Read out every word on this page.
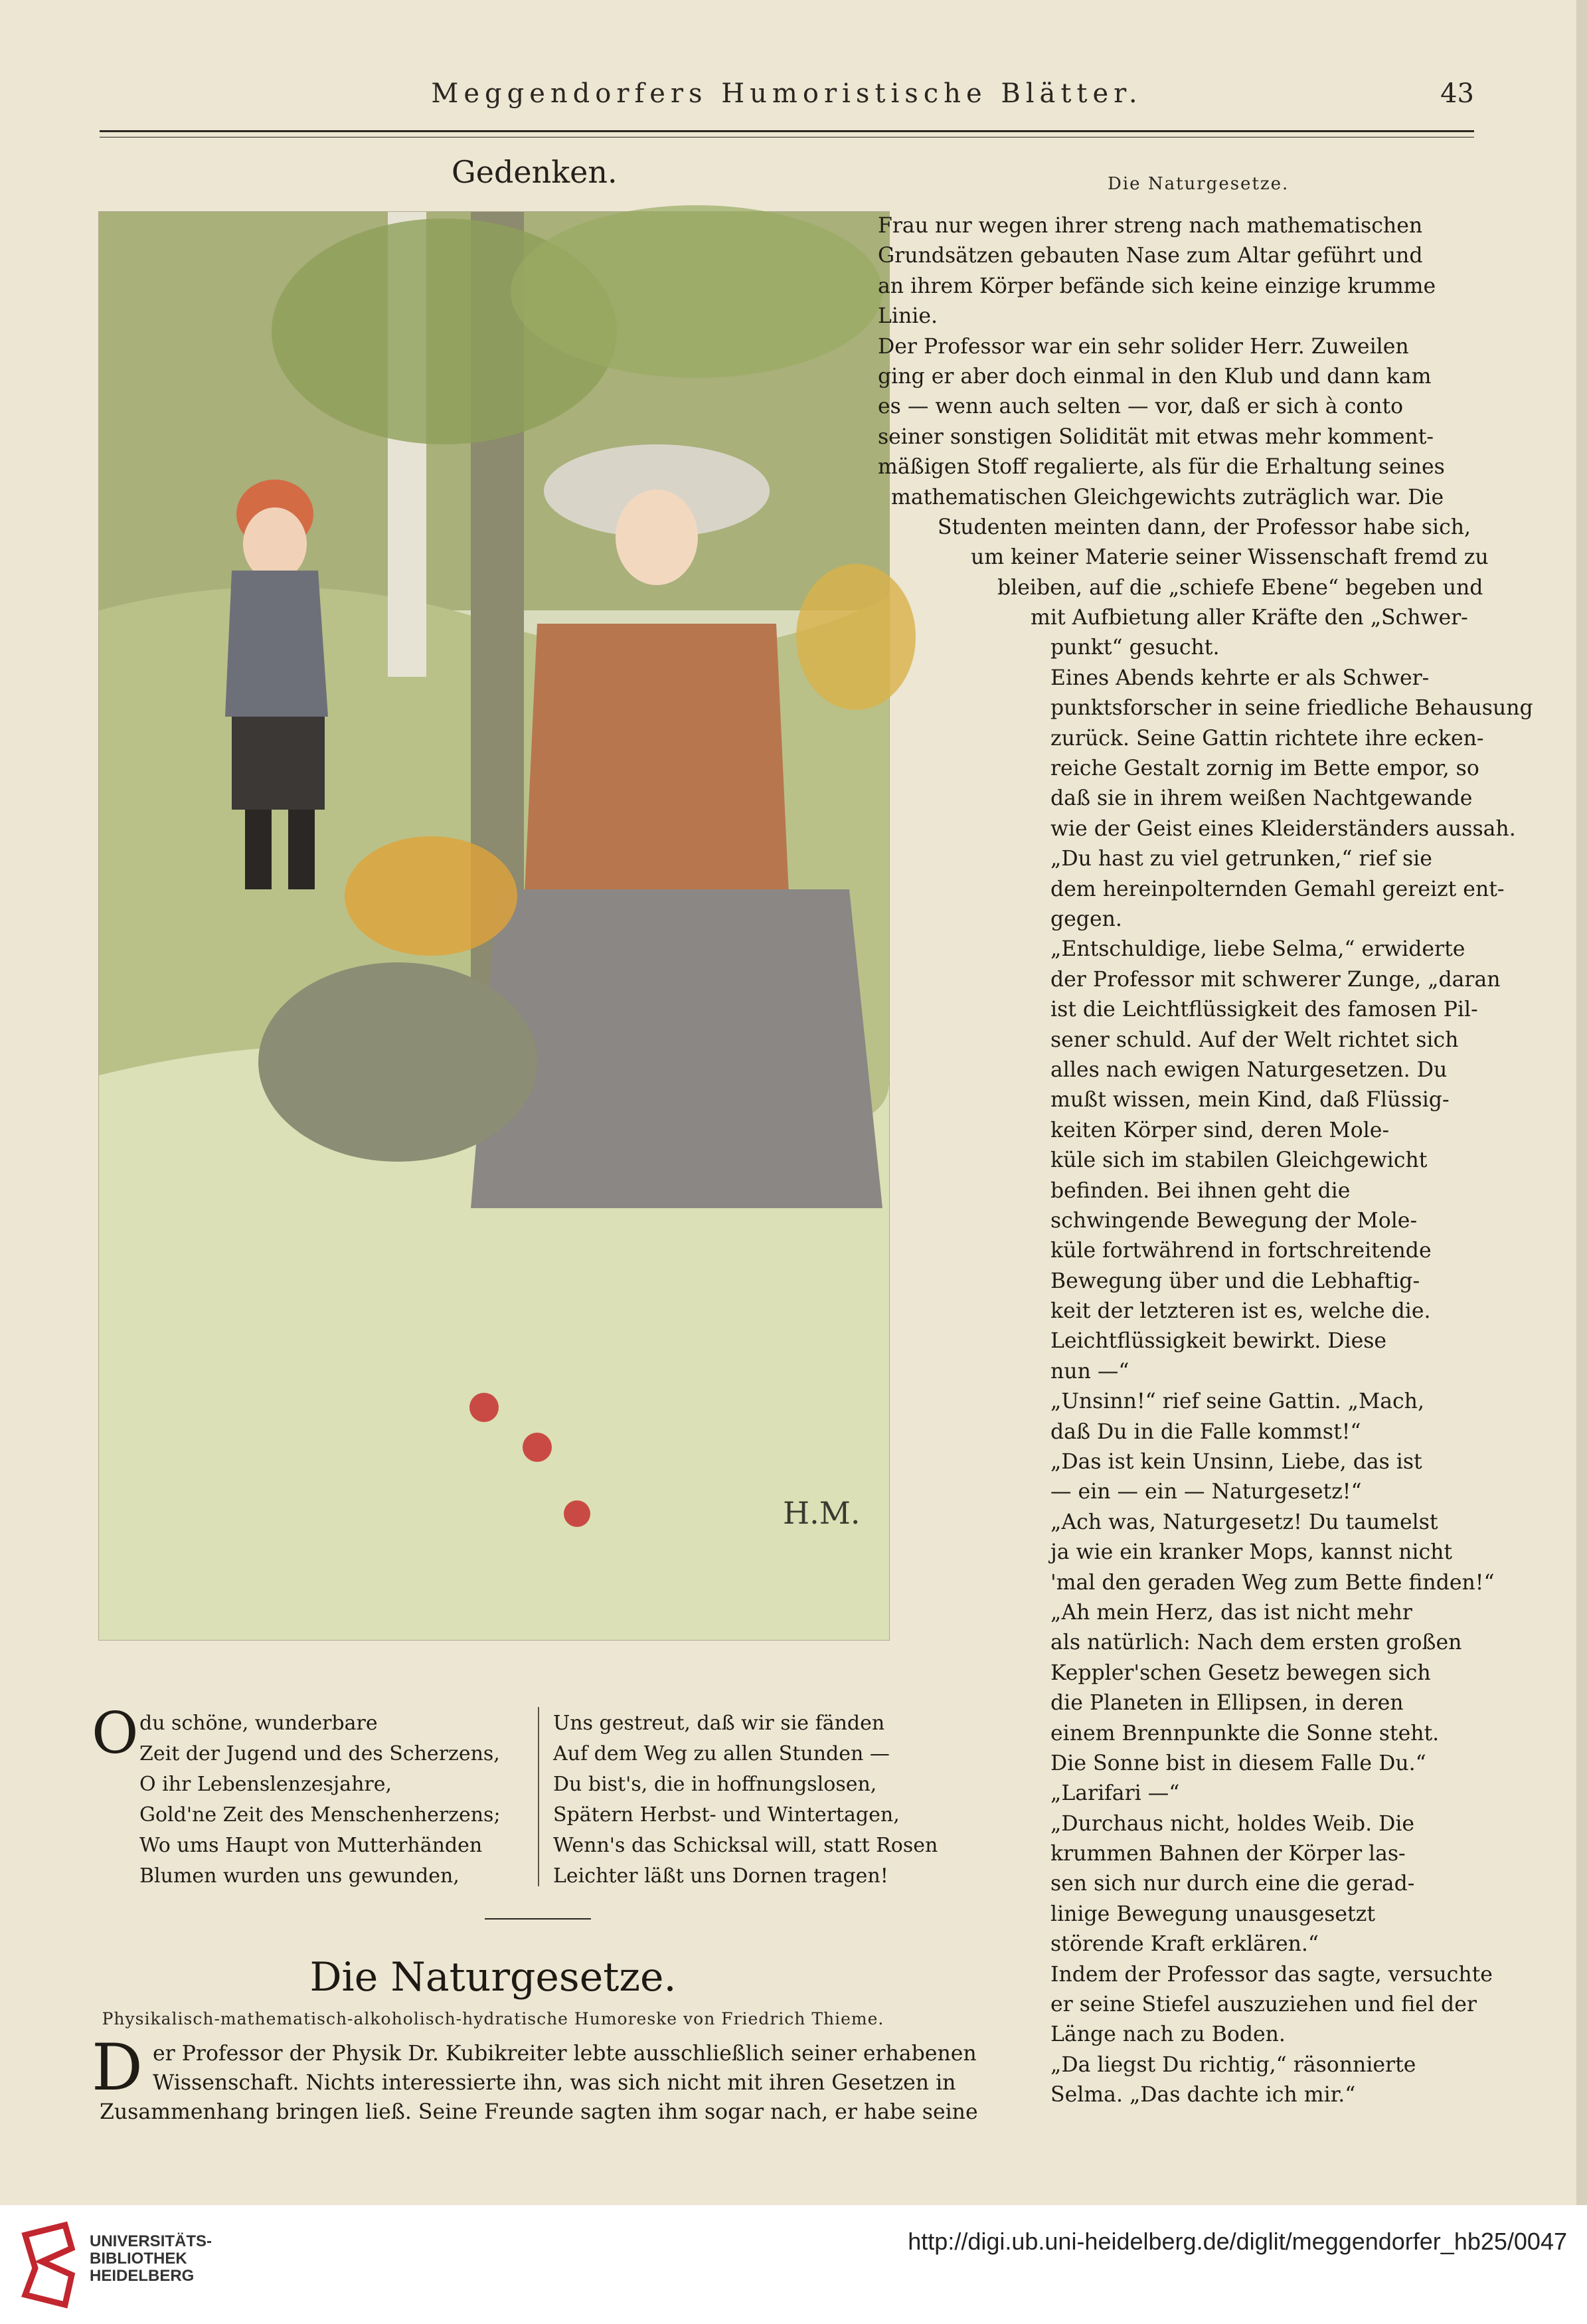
Meggendorfers Humoristische Blätter.	43
Gedenken.	Die Naturgesetze.
H.M.
Frau nur wegen ihrer streng nach mathematischen
Grundsätzen gebauten Nase zum Altar geführt und
an ihrem Körper befände sich keine einzige krumme
Linie.
Der Professor war ein sehr solider Herr. Zuweilen
ging er aber doch einmal in den Klub und dann kam
es — wenn auch selten — vor, daß er sich à conto
seiner sonstigen Solidität mit etwas mehr komment-
mäßigen Stoff regalierte, als für die Erhaltung seines
mathematischen Gleichgewichts zuträglich war. Die
Studenten meinten dann, der Professor habe sich,
um keiner Materie seiner Wissenschaft fremd zu
bleiben, auf die „schiefe Ebene“ begeben und
mit Aufbietung aller Kräfte den „Schwer-
punkt“ gesucht.
Eines Abends kehrte er als Schwer-
punktsforscher in seine friedliche Behausung
zurück. Seine Gattin richtete ihre ecken-
reiche Gestalt zornig im Bette empor, so
daß sie in ihrem weißen Nachtgewande
wie der Geist eines Kleiderständers aussah.
„Du hast zu viel getrunken,“ rief sie
dem hereinpolternden Gemahl gereizt ent-
gegen.
„Entschuldige, liebe Selma,“ erwiderte
der Professor mit schwerer Zunge, „daran
ist die Leichtflüssigkeit des famosen Pil-
sener schuld. Auf der Welt richtet sich
alles nach ewigen Naturgesetzen. Du
mußt wissen, mein Kind, daß Flüssig-
keiten Körper sind, deren Mole-
küle sich im stabilen Gleichgewicht
befinden. Bei ihnen geht die
schwingende Bewegung der Mole-
küle fortwährend in fortschreitende
Bewegung über und die Lebhaftig-
keit der letzteren ist es, welche die.
Leichtflüssigkeit bewirkt. Diese
nun —“
„Unsinn!“ rief seine Gattin. „Mach,
daß Du in die Falle kommst!“
„Das ist kein Unsinn, Liebe, das ist
— ein — ein — Naturgesetz!“
„Ach was, Naturgesetz! Du taumelst
ja wie ein kranker Mops, kannst nicht
'mal den geraden Weg zum Bette finden!“
„Ah mein Herz, das ist nicht mehr
als natürlich: Nach dem ersten großen
Keppler'schen Gesetz bewegen sich
die Planeten in Ellipsen, in deren
einem Brennpunkte die Sonne steht.
Die Sonne bist in diesem Falle Du.“
„Larifari —“
„Durchaus nicht, holdes Weib. Die
krummen Bahnen der Körper las-
sen sich nur durch eine die gerad-
linige Bewegung unausgesetzt
störende Kraft erklären.“
Indem der Professor das sagte, versuchte
er seine Stiefel auszuziehen und fiel der
Länge nach zu Boden.
„Da liegst Du richtig,“ räsonnierte
Selma. „Das dachte ich mir.“
O du schöne, wunderbare
Zeit der Jugend und des Scherzens,
O ihr Lebenslenzesjahre,
Gold'ne Zeit des Menschenherzens;
Wo ums Haupt von Mutterhänden
Blumen wurden uns gewunden,
Uns gestreut, daß wir sie fänden
Auf dem Weg zu allen Stunden —
Du bist's, die in hoffnungslosen,
Spätern Herbst- und Wintertagen,
Wenn's das Schicksal will, statt Rosen
Leichter läßt uns Dornen tragen!
Die Naturgesetze.
Physikalisch-mathematisch-alkoholisch-hydratische Humoreske von Friedrich Thieme.
D er Professor der Physik Dr. Kubikreiter lebte ausschließlich seiner erhabenen
Wissenschaft. Nichts interessierte ihn, was sich nicht mit ihren Gesetzen in
Zusammenhang bringen ließ. Seine Freunde sagten ihm sogar nach, er habe seine
UNIVERSITÄTS-
BIBLIOTHEK
HEIDELBERG
http://digi.ub.uni-heidelberg.de/diglit/meggendorfer_hb25/0047
